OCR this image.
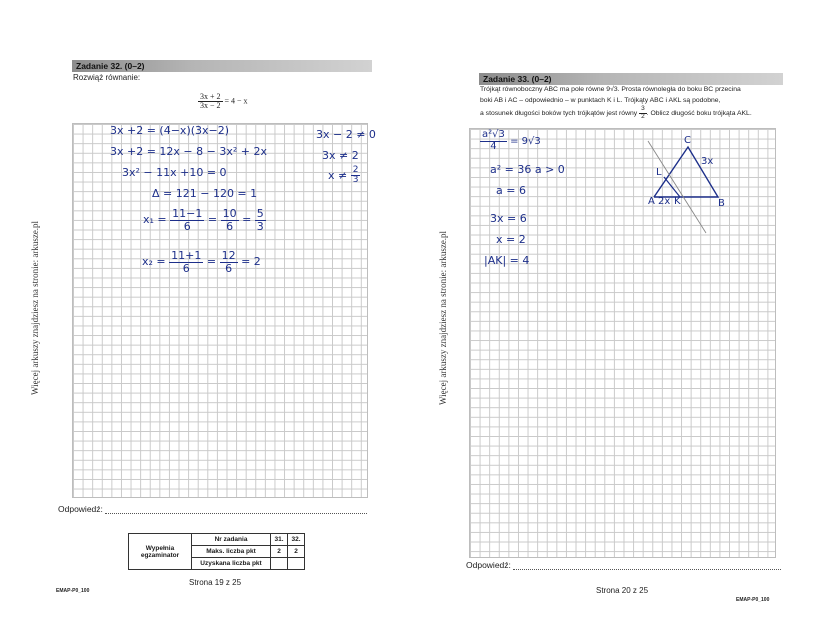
Więcej arkuszy znajdziesz na stronie: arkusze.pl
Zadanie 32. (0–2)
Rozwiąż równanie:
$\frac{3x + 2}{3x - 2} = 4 - x$
3x +2 = (4−x)(3x−2)
3x +2 = 12x − 8 − 3x² + 2x
3x² − 11x +10 = 0
Δ = 121 − 120 = 1
$x_1 = \frac{11-1}{6} = \frac{10}{6} = \frac{5}{3}$
$x_2 = \frac{11+1}{6} = \frac{12}{6} = 2$
3x − 2 ≠ 0
3x ≠ 2
$x \ne \frac{2}{3}$
Odpowiedź:
Wypełnia
egzaminator	Nr zadania	31.	32.
	Maks. liczba pkt	2	2
	Uzyskana liczba pkt		
Strona 19 z 25
EMAP-P0_100
Więcej arkuszy znajdziesz na stronie: arkusze.pl
Zadanie 33. (0–2)
Trójkąt równoboczny ABC ma pole równe 9√3. Prosta równoległa do boku BC przecina
boki AB i AC – odpowiednio – w punktach K i L. Trójkąty ABC i AKL są podobne,
a stosunek długości boków tych trójkątów jest równy $\frac{3}{2}$ . Oblicz długość boku trójkąta AKL.
$\frac{\text{a²√3}}{4} = 9√3$
a² = 36 a > 0
a = 6
3x = 6
x = 2
|AK| = 4
C
L
3x
A 2x K	B
Odpowiedź:
Strona 20 z 25
EMAP-P0_100
